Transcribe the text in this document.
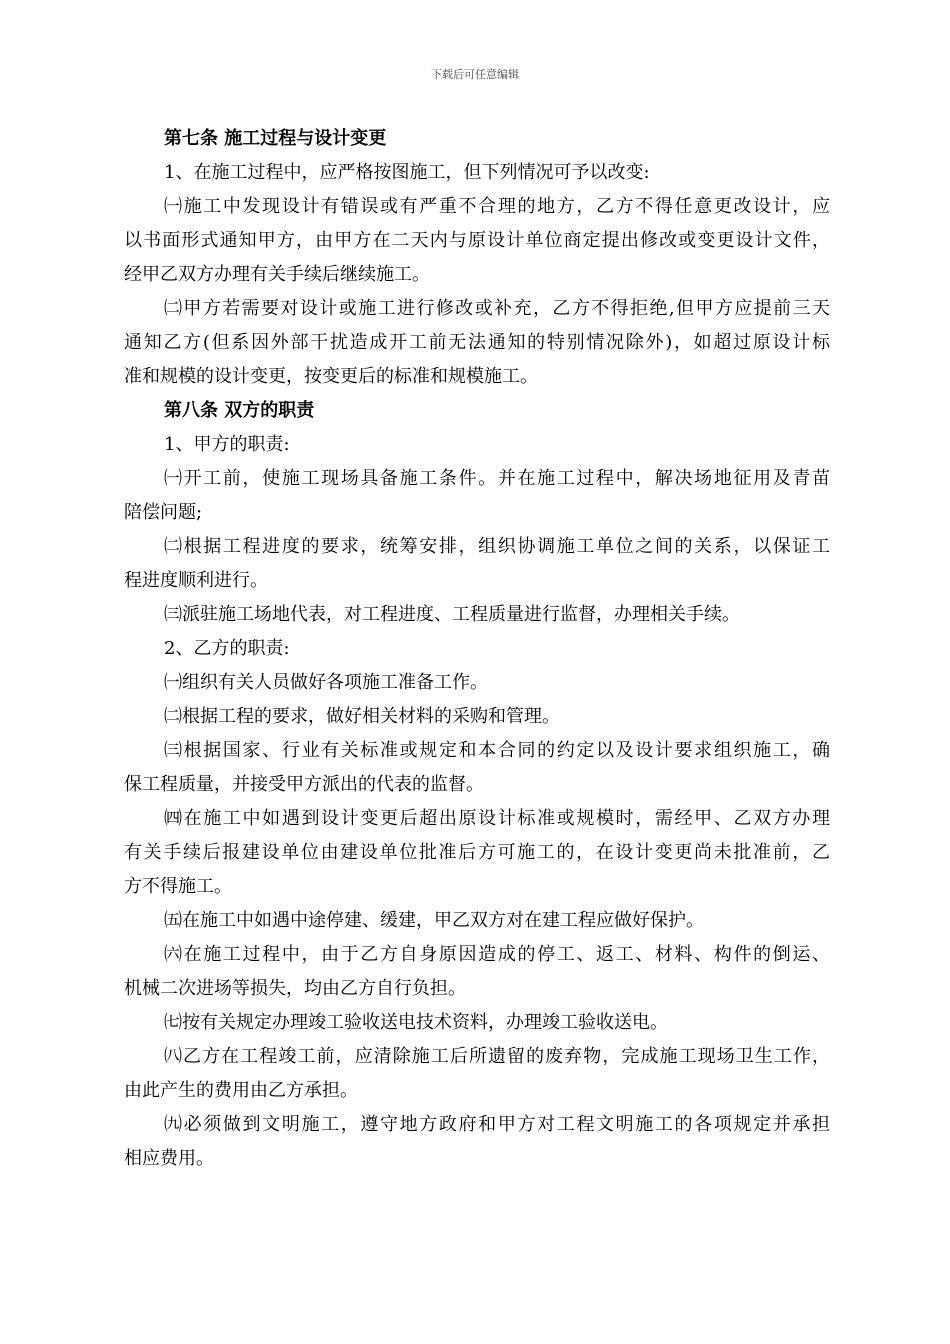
下载后可任意编辑
第七条 施工过程与设计变更
1、在施工过程中，应严格按图施工，但下列情况可予以改变:
㈠施工中发现设计有错误或有严重不合理的地方，乙方不得任意更改设计，应
以书面形式通知甲方，由甲方在二天内与原设计单位商定提出修改或变更设计文件，
经甲乙双方办理有关手续后继续施工。
㈡甲方若需要对设计或施工进行修改或补充，乙方不得拒绝,但甲方应提前三天
通知乙方(但系因外部干扰造成开工前无法通知的特别情况除外)，如超过原设计标
准和规模的设计变更，按变更后的标准和规模施工。
第八条 双方的职责
1、甲方的职责:
㈠开工前，使施工现场具备施工条件。并在施工过程中，解决场地征用及青苗
陪偿问题;
㈡根据工程进度的要求，统筹安排，组织协调施工单位之间的关系，以保证工
程进度顺利进行。
㈢派驻施工场地代表，对工程进度、工程质量进行监督，办理相关手续。
2、乙方的职责:
㈠组织有关人员做好各项施工准备工作。
㈡根据工程的要求，做好相关材料的采购和管理。
㈢根据国家、行业有关标准或规定和本合同的约定以及设计要求组织施工，确
保工程质量，并接受甲方派出的代表的监督。
㈣在施工中如遇到设计变更后超出原设计标准或规模时，需经甲、乙双方办理
有关手续后报建设单位由建设单位批准后方可施工的，在设计变更尚未批准前，乙
方不得施工。
㈤在施工中如遇中途停建、缓建，甲乙双方对在建工程应做好保护。
㈥在施工过程中，由于乙方自身原因造成的停工、返工、材料、构件的倒运、
机械二次进场等损失，均由乙方自行负担。
㈦按有关规定办理竣工验收送电技术资料，办理竣工验收送电。
㈧乙方在工程竣工前，应清除施工后所遗留的废弃物，完成施工现场卫生工作，
由此产生的费用由乙方承担。
㈨必须做到文明施工，遵守地方政府和甲方对工程文明施工的各项规定并承担
相应费用。
